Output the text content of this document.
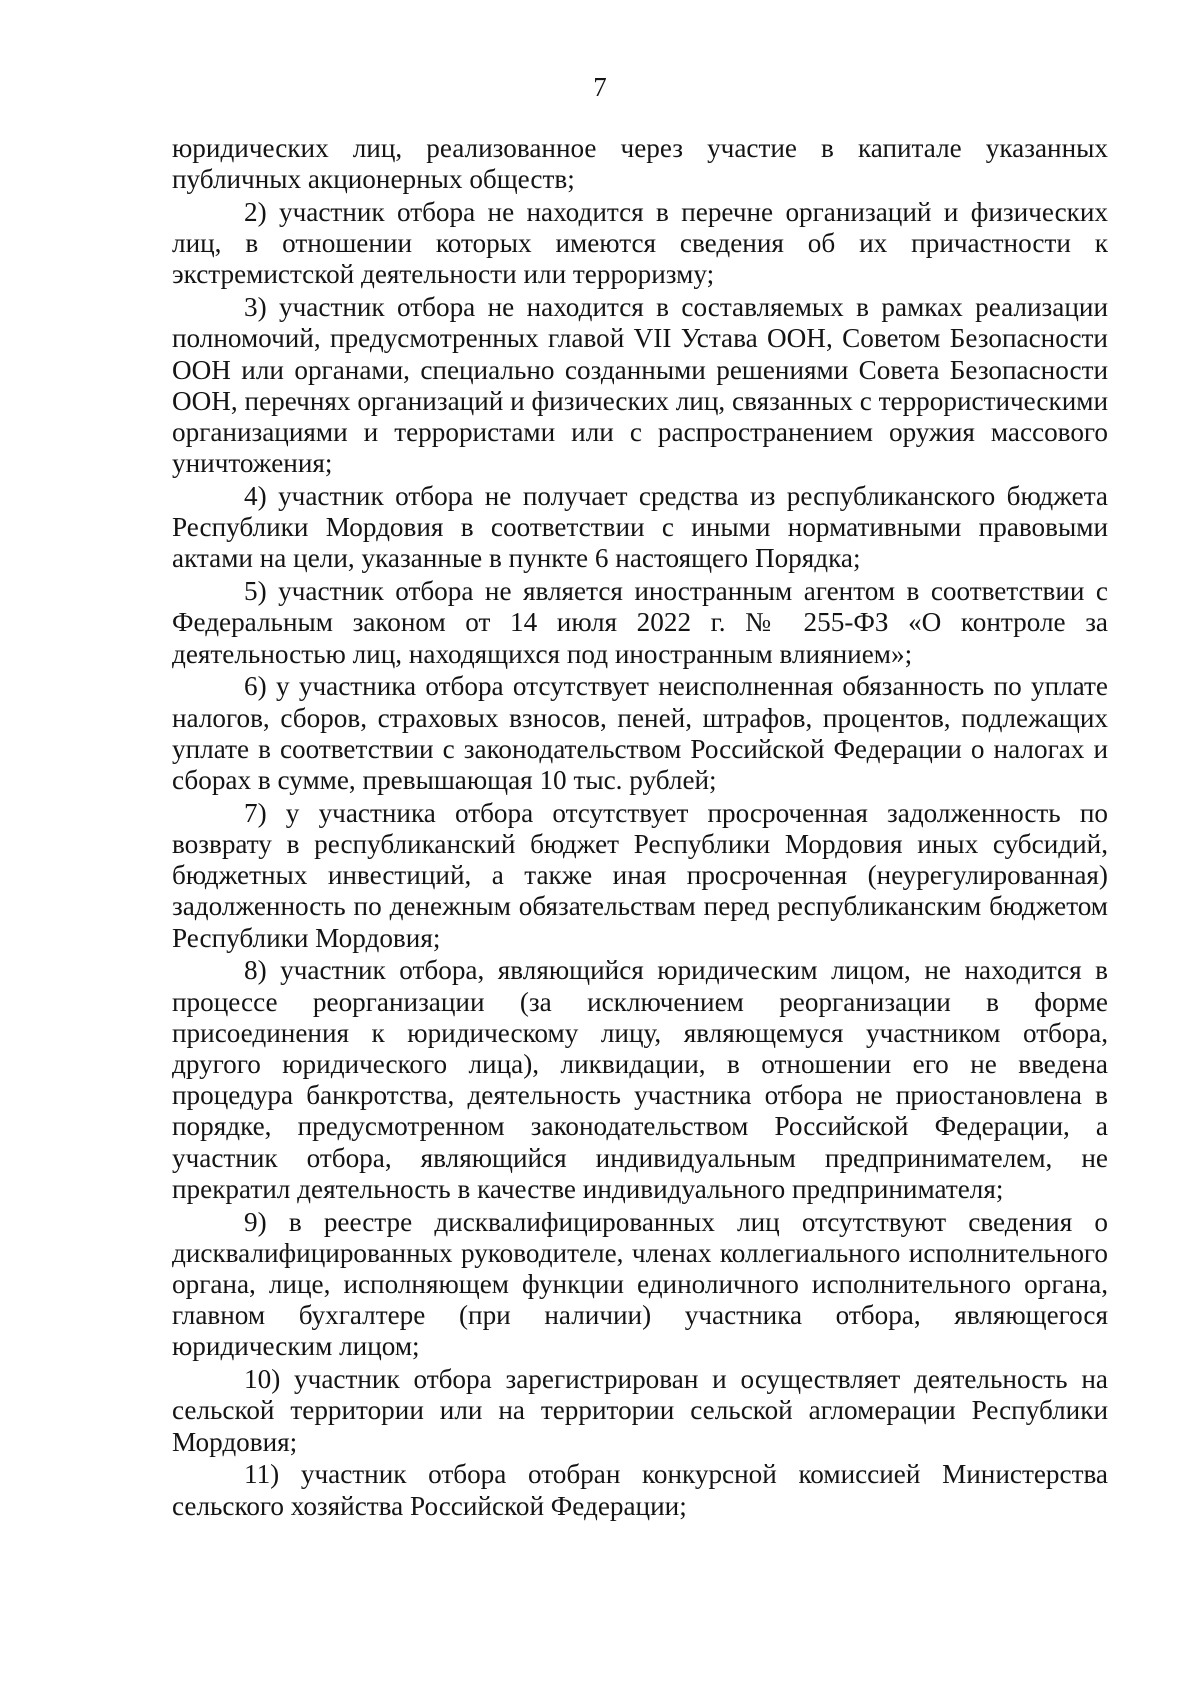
7

юридических лиц, реализованное через участие в капитале указанных публичных акционерных обществ;

2) участник отбора не находится в перечне организаций и физических лиц, в отношении которых имеются сведения об их причастности к экстремистской деятельности или терроризму;

3) участник отбора не находится в составляемых в рамках реализации полномочий, предусмотренных главой VII Устава ООН, Советом Безопасности ООН или органами, специально созданными решениями Совета Безопасности ООН, перечнях организаций и физических лиц, связанных с террористическими организациями и террористами или с распространением оружия массового уничтожения;

4) участник отбора не получает средства из республиканского бюджета Республики Мордовия в соответствии с иными нормативными правовыми актами на цели, указанные в пункте 6 настоящего Порядка;

5) участник отбора не является иностранным агентом в соответствии с Федеральным законом от 14 июля 2022 г. № 255-ФЗ «О контроле за деятельностью лиц, находящихся под иностранным влиянием»;

6) у участника отбора отсутствует неисполненная обязанность по уплате налогов, сборов, страховых взносов, пеней, штрафов, процентов, подлежащих уплате в соответствии с законодательством Российской Федерации о налогах и сборах в сумме, превышающая 10 тыс. рублей;

7) у участника отбора отсутствует просроченная задолженность по возврату в республиканский бюджет Республики Мордовия иных субсидий, бюджетных инвестиций, а также иная просроченная (неурегулированная) задолженность по денежным обязательствам перед республиканским бюджетом Республики Мордовия;

8) участник отбора, являющийся юридическим лицом, не находится в процессе реорганизации (за исключением реорганизации в форме присоединения к юридическому лицу, являющемуся участником отбора, другого юридического лица), ликвидации, в отношении его не введена процедура банкротства, деятельность участника отбора не приостановлена в порядке, предусмотренном законодательством Российской Федерации, а участник отбора, являющийся индивидуальным предпринимателем, не прекратил деятельность в качестве индивидуального предпринимателя;

9) в реестре дисквалифицированных лиц отсутствуют сведения о дисквалифицированных руководителе, членах коллегиального исполнительного органа, лице, исполняющем функции единоличного исполнительного органа, главном бухгалтере (при наличии) участника отбора, являющегося юридическим лицом;

10) участник отбора зарегистрирован и осуществляет деятельность на сельской территории или на территории сельской агломерации Республики Мордовия;

11) участник отбора отобран конкурсной комиссией Министерства сельского хозяйства Российской Федерации;
